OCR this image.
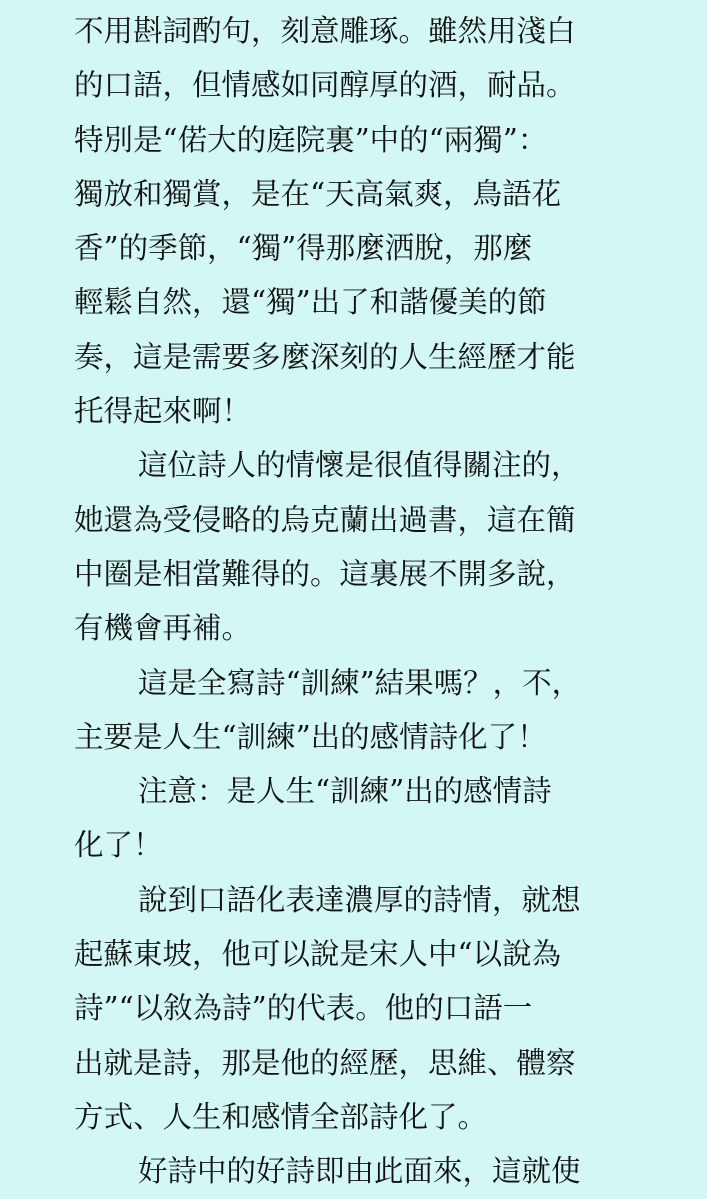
不用斟詞酌句，刻意雕琢。雖然用淺白
的口語，但情感如同醇厚的酒，耐品。
特別是“偌大的庭院裏”中的“兩獨”：
獨放和獨賞，是在“天高氣爽，鳥語花
香”的季節，“獨”得那麼洒脫，那麼
輕鬆自然，還“獨”出了和諧優美的節
奏，這是需要多麼深刻的人生經歷才能
托得起來啊！
這位詩人的情懷是很值得關注的，
她還為受侵略的烏克蘭出過書，這在簡
中圈是相當難得的。這裏展不開多說，
有機會再補。
這是全寫詩“訓練”結果嗎？，不，
主要是人生“訓練”出的感情詩化了！
注意：是人生“訓練”出的感情詩
化了！
說到口語化表達濃厚的詩情，就想
起蘇東坡，他可以說是宋人中“以說為
詩”“以敘為詩”的代表。他的口語一
出就是詩，那是他的經歷，思維、體察
方式、人生和感情全部詩化了。
好詩中的好詩即由此面來，這就使
